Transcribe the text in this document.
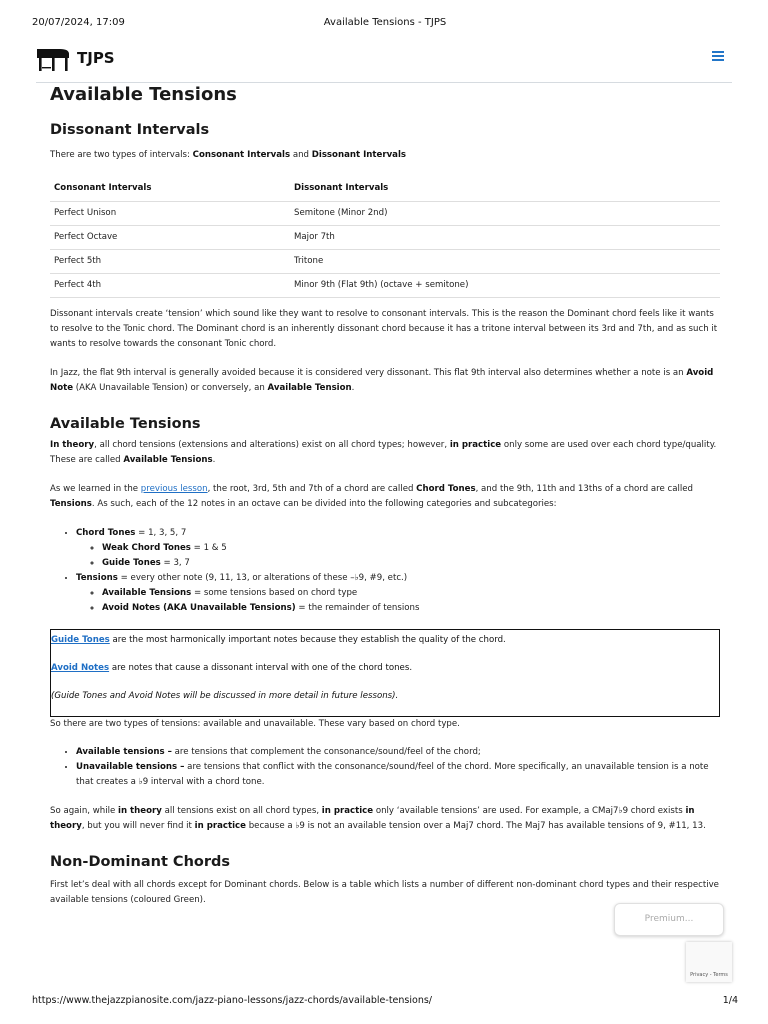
20/07/2024, 17:09	Available Tensions - TJPS
TJPS
Available Tensions
Dissonant Intervals

There are two types of intervals: Consonant Intervals and Dissonant Intervals

Consonant Intervals	Dissonant Intervals
Perfect Unison	Semitone (Minor 2nd)
Perfect Octave	Major 7th
Perfect 5th	Tritone
Perfect 4th	Minor 9th (Flat 9th) (octave + semitone)

Dissonant intervals create ‘tension’ which sound like they want to resolve to consonant intervals. This is the reason the Dominant chord feels like it wants to resolve to the Tonic chord. The Dominant chord is an inherently dissonant chord because it has a tritone interval between its 3rd and 7th, and as such it wants to resolve towards the consonant Tonic chord.

In Jazz, the flat 9th interval is generally avoided because it is considered very dissonant. This flat 9th interval also determines whether a note is an Avoid Note (AKA Unavailable Tension) or conversely, an Available Tension.

Available Tensions

In theory, all chord tensions (extensions and alterations) exist on all chord types; however, in practice only some are used over each chord type/quality. These are called Available Tensions.

As we learned in the previous lesson, the root, 3rd, 5th and 7th of a chord are called Chord Tones, and the 9th, 11th and 13ths of a chord are called Tensions. As such, each of the 12 notes in an octave can be divided into the following categories and subcategories:

• Chord Tones = 1, 3, 5, 7
◦ Weak Chord Tones = 1 & 5
◦ Guide Tones = 3, 7
• Tensions = every other note (9, 11, 13, or alterations of these –♭9, #9, etc.)
◦ Available Tensions = some tensions based on chord type
◦ Avoid Notes (AKA Unavailable Tensions) = the remainder of tensions

Guide Tones are the most harmonically important notes because they establish the quality of the chord.

Avoid Notes are notes that cause a dissonant interval with one of the chord tones.

(Guide Tones and Avoid Notes will be discussed in more detail in future lessons).

So there are two types of tensions: available and unavailable. These vary based on chord type.

• Available tensions – are tensions that complement the consonance/sound/feel of the chord;
• Unavailable tensions – are tensions that conflict with the consonance/sound/feel of the chord. More specifically, an unavailable tension is a note that creates a ♭9 interval with a chord tone.

So again, while in theory all tensions exist on all chord types, in practice only ‘available tensions’ are used. For example, a CMaj7♭9 chord exists in theory, but you will never find it in practice because a ♭9 is not an available tension over a Maj7 chord. The Maj7 has available tensions of 9, #11, 13.

Non-Dominant Chords

First let’s deal with all chords except for Dominant chords. Below is a table which lists a number of different non-dominant chord types and their respective available tensions (coloured Green).

Premium...
Privacy - Terms
https://www.thejazzpianosite.com/jazz-piano-lessons/jazz-chords/available-tensions/	1/4
